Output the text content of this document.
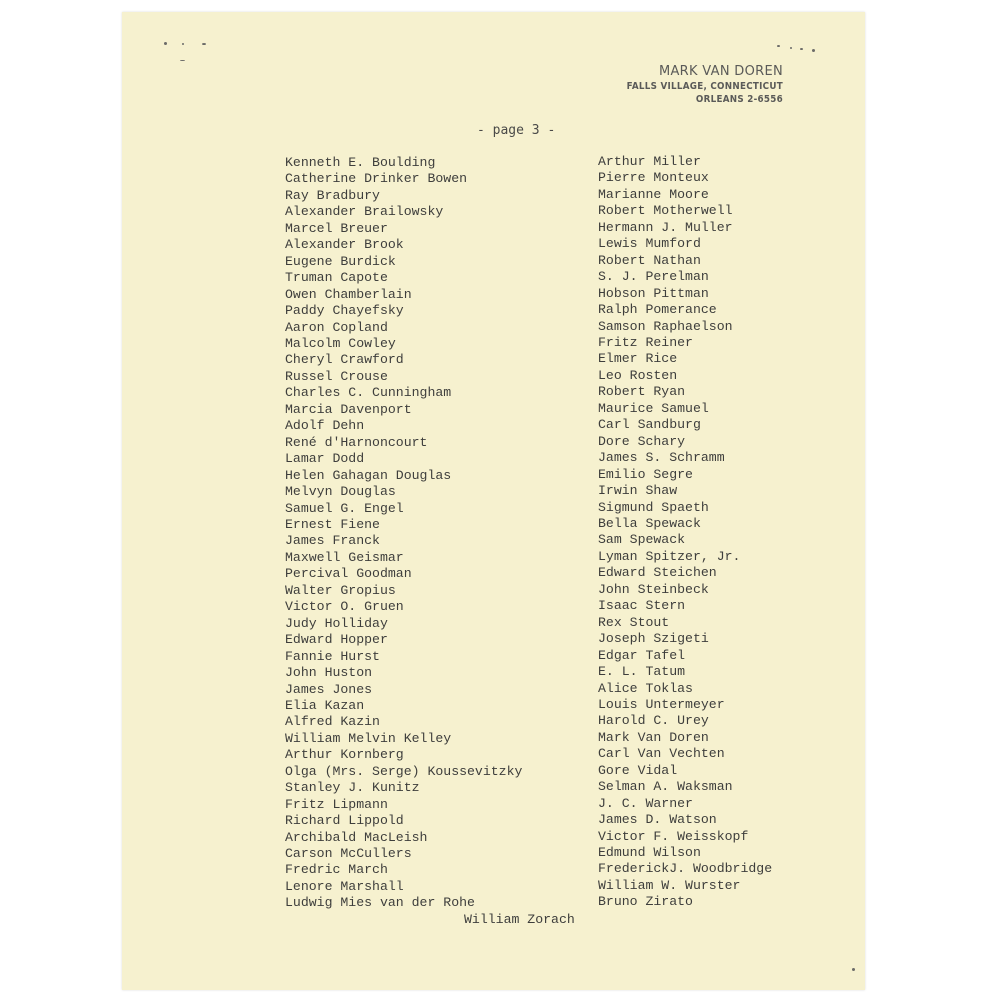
MARK VAN DOREN
FALLS VILLAGE, CONNECTICUT
ORLEANS 2-6556
- page 3 -
Kenneth E. Boulding
Catherine Drinker Bowen
Ray Bradbury
Alexander Brailowsky
Marcel Breuer
Alexander Brook
Eugene Burdick
Truman Capote
Owen Chamberlain
Paddy Chayefsky
Aaron Copland
Malcolm Cowley
Cheryl Crawford
Russel Crouse
Charles C. Cunningham
Marcia Davenport
Adolf Dehn
René d'Harnoncourt
Lamar Dodd
Helen Gahagan Douglas
Melvyn Douglas
Samuel G. Engel
Ernest Fiene
James Franck
Maxwell Geismar
Percival Goodman
Walter Gropius
Victor O. Gruen
Judy Holliday
Edward Hopper
Fannie Hurst
John Huston
James Jones
Elia Kazan
Alfred Kazin
William Melvin Kelley
Arthur Kornberg
Olga (Mrs. Serge) Koussevitzky
Stanley J. Kunitz
Fritz Lipmann
Richard Lippold
Archibald MacLeish
Carson McCullers
Fredric March
Lenore Marshall
Ludwig Mies van der Rohe
Arthur Miller
Pierre Monteux
Marianne Moore
Robert Motherwell
Hermann J. Muller
Lewis Mumford
Robert Nathan
S. J. Perelman
Hobson Pittman
Ralph Pomerance
Samson Raphaelson
Fritz Reiner
Elmer Rice
Leo Rosten
Robert Ryan
Maurice Samuel
Carl Sandburg
Dore Schary
James S. Schramm
Emilio Segre
Irwin Shaw
Sigmund Spaeth
Bella Spewack
Sam Spewack
Lyman Spitzer, Jr.
Edward Steichen
John Steinbeck
Isaac Stern
Rex Stout
Joseph Szigeti
Edgar Tafel
E. L. Tatum
Alice Toklas
Louis Untermeyer
Harold C. Urey
Mark Van Doren
Carl Van Vechten
Gore Vidal
Selman A. Waksman
J. C. Warner
James D. Watson
Victor F. Weisskopf
Edmund Wilson
FrederickJ. Woodbridge
William W. Wurster
Bruno Zirato
William Zorach
